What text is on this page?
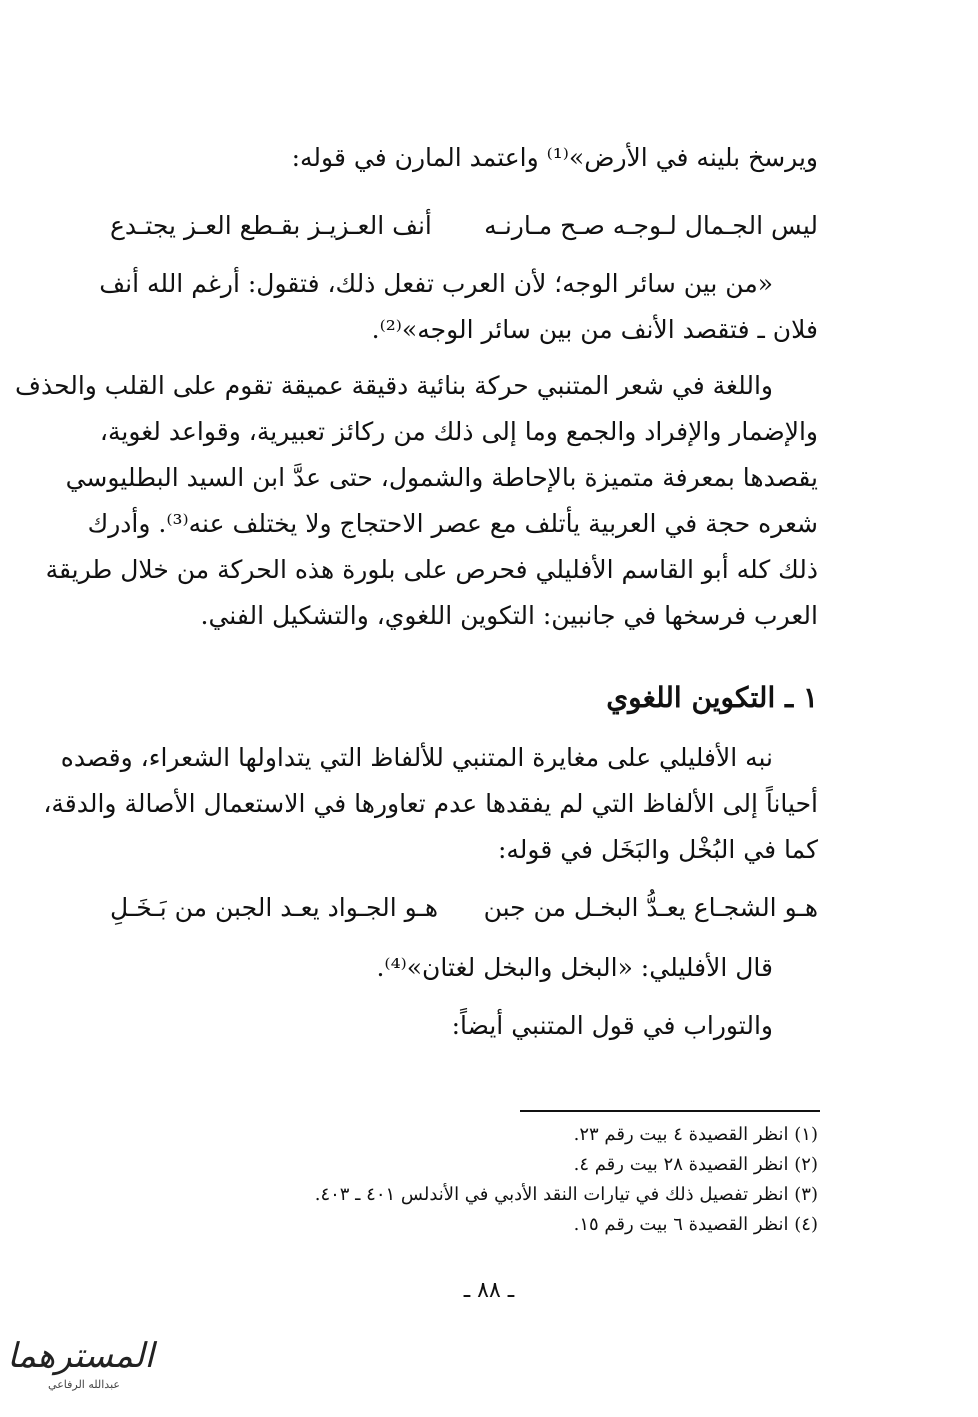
ويرسخ بلينه في الأرض»⁽¹⁾ واعتمد المارن في قوله:
ليس الجـمال لـوجـه صـح مـارنـه
أنف العـزيـز بقـطع العـز يجتـدع
«من بين سائر الوجه؛ لأن العرب تفعل ذلك، فتقول: أرغم الله أنف
فلان ـ فتقصد الأنف من بين سائر الوجه»⁽²⁾.
واللغة في شعر المتنبي حركة بنائية دقيقة عميقة تقوم على القلب والحذف
والإضمار والإفراد والجمع وما إلى ذلك من ركائز تعبيرية، وقواعد لغوية،
يقصدها بمعرفة متميزة بالإحاطة والشمول، حتى عدَّ ابن السيد البطليوسي
شعره حجة في العربية يأتلف مع عصر الاحتجاج ولا يختلف عنه⁽³⁾. وأدرك
ذلك كله أبو القاسم الأفليلي فحرص على بلورة هذه الحركة من خلال طريقة
العرب فرسخها في جانبين: التكوين اللغوي، والتشكيل الفني.
١ ـ التكوين اللغوي
نبه الأفليلي على مغايرة المتنبي للألفاظ التي يتداولها الشعراء، وقصده
أحياناً إلى الألفاظ التي لم يفقدها عدم تعاورها في الاستعمال الأصالة والدقة،
كما في البُخْل والبَخَل في قوله:
هـو الشجـاع يعـدُّ البخـل من جبن
هـو الجـواد يعـد الجبن من بَـخَـلِ
قال الأفليلي: «البخل والبخل لغتان»⁽⁴⁾.
والتوراب في قول المتنبي أيضاً:
(١) انظر القصيدة ٤ بيت رقم ٢٣.
(٢) انظر القصيدة ٢٨ بيت رقم ٤.
(٣) انظر تفصيل ذلك في تيارات النقد الأدبي في الأندلس ٤٠١ ـ ٤٠٣.
(٤) انظر القصيدة ٦ بيت رقم ١٥.
ـ ٨٨ ـ
المسترهما
عبدالله الرفاعي
